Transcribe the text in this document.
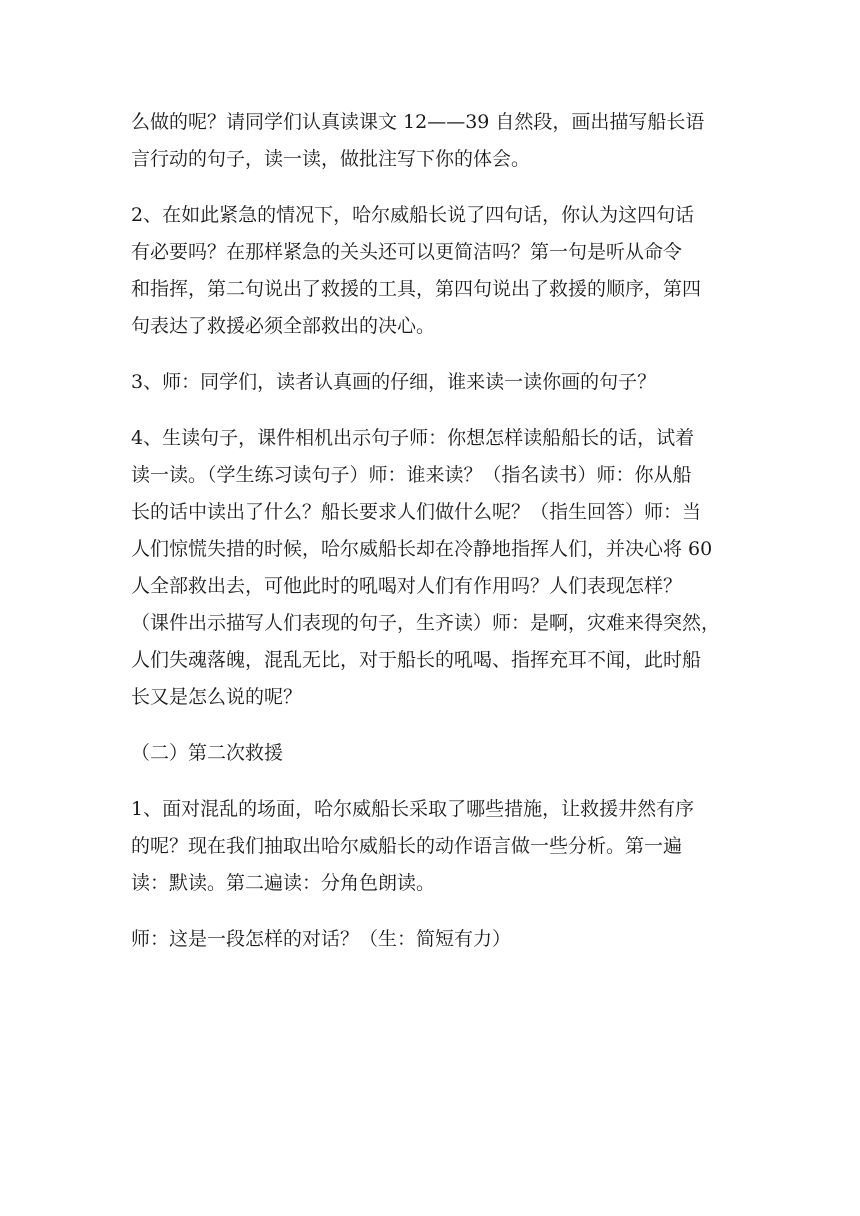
么做的呢？请同学们认真读课文 12——39 自然段，画出描写船长语
言行动的句子，读一读，做批注写下你的体会。

2、在如此紧急的情况下，哈尔威船长说了四句话，你认为这四句话
有必要吗？在那样紧急的关头还可以更简洁吗？第一句是听从命令
和指挥，第二句说出了救援的工具，第四句说出了救援的顺序，第四
句表达了救援必须全部救出的决心。

3、师：同学们，读者认真画的仔细，谁来读一读你画的句子？

4、生读句子，课件相机出示句子师：你想怎样读船船长的话，试着
读一读。（学生练习读句子）师：谁来读？（指名读书）师：你从船
长的话中读出了什么？船长要求人们做什么呢？（指生回答）师：当
人们惊慌失措的时候，哈尔威船长却在冷静地指挥人们，并决心将 60
人全部救出去，可他此时的吼喝对人们有作用吗？人们表现怎样？
（课件出示描写人们表现的句子，生齐读）师：是啊，灾难来得突然，
人们失魂落魄，混乱无比，对于船长的吼喝、指挥充耳不闻，此时船
长又是怎么说的呢？

（二）第二次救援

1、面对混乱的场面，哈尔威船长采取了哪些措施，让救援井然有序
的呢？现在我们抽取出哈尔威船长的动作语言做一些分析。第一遍
读：默读。第二遍读：分角色朗读。

师：这是一段怎样的对话？（生：简短有力）
